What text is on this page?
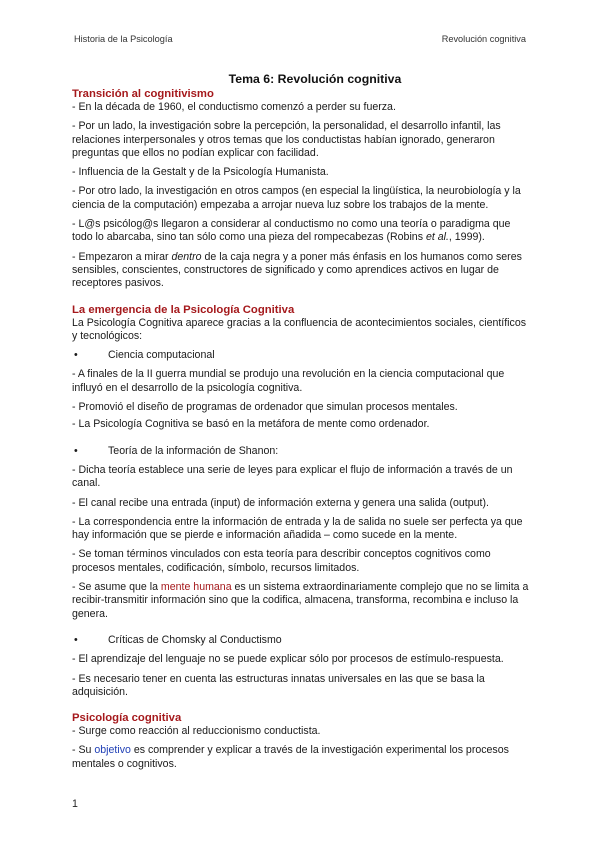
Historia de la Psicología	Revolución cognitiva
Tema 6: Revolución cognitiva
Transición al cognitivismo
- En la década de 1960, el conductismo comenzó a perder su fuerza.
- Por un lado, la investigación sobre la percepción, la personalidad, el desarrollo infantil, las relaciones interpersonales y otros temas que los conductistas habían ignorado, generaron preguntas que ellos no podían explicar con facilidad.
- Influencia de la Gestalt y de la Psicología Humanista.
- Por otro lado, la investigación en otros campos (en especial la lingüística, la neurobiología y la ciencia de la computación) empezaba a arrojar nueva luz sobre los trabajos de la mente.
- L@s psicólog@s llegaron a considerar al conductismo no como una teoría o paradigma que todo lo abarcaba, sino tan sólo como una pieza del rompecabezas (Robins et al., 1999).
- Empezaron a mirar dentro de la caja negra y a poner más énfasis en los humanos como seres sensibles, conscientes, constructores de significado y como aprendices activos en lugar de receptores pasivos.
La emergencia de la Psicología Cognitiva
La Psicología Cognitiva aparece gracias a la confluencia de acontecimientos sociales, científicos y tecnológicos:
•	Ciencia computacional
- A finales de la II guerra mundial se produjo una revolución en la ciencia computacional que influyó en el desarrollo de la psicología cognitiva.
- Promovió el diseño de programas de ordenador que simulan procesos mentales.
- La Psicología Cognitiva se basó en la metáfora de mente como ordenador.
•	Teoría de la información de Shanon:
- Dicha teoría establece una serie de leyes para explicar el flujo de información a través de un canal.
- El canal recibe una entrada (input) de información externa y genera una salida (output).
- La correspondencia entre la información de entrada y la de salida no suele ser perfecta ya que hay información que se pierde e información añadida – como sucede en la mente.
- Se toman términos vinculados con esta teoría para describir conceptos cognitivos como procesos mentales, codificación, símbolo, recursos limitados.
- Se asume que la mente humana es un sistema extraordinariamente complejo que no se limita a recibir-transmitir información sino que la codifica, almacena, transforma, recombina e incluso la genera.
•	Críticas de Chomsky al Conductismo
- El aprendizaje del lenguaje no se puede explicar sólo por procesos de estímulo-respuesta.
- Es necesario tener en cuenta las estructuras innatas universales en las que se basa la adquisición.
Psicología cognitiva
- Surge como reacción al reduccionismo conductista.
- Su objetivo es comprender y explicar a través de la investigación experimental los procesos mentales o cognitivos.
1
